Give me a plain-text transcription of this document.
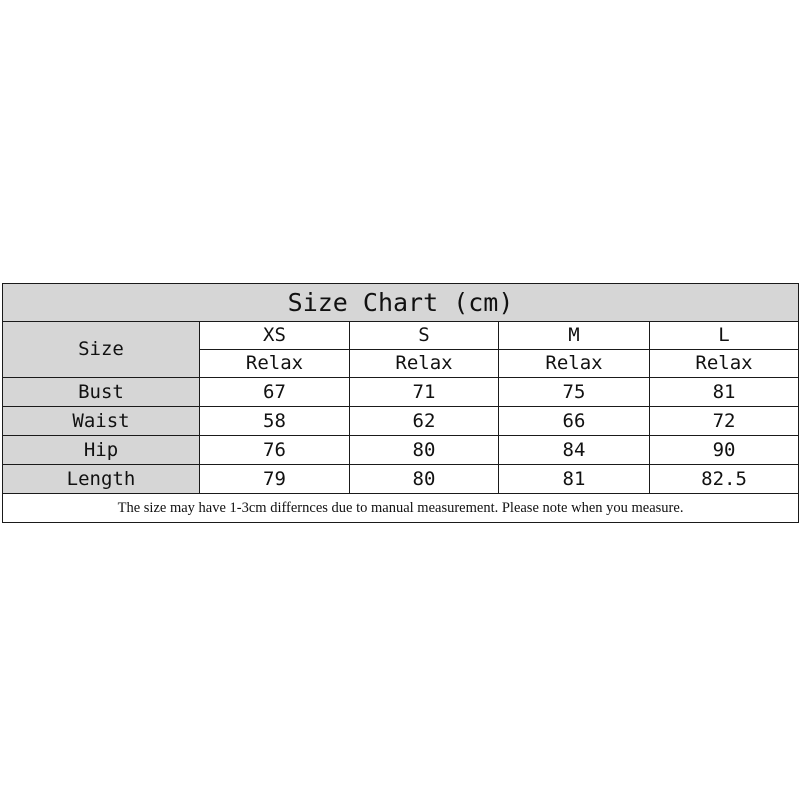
Size Chart (cm)				
Size	XS	S	M	L
	Relax	Relax	Relax	Relax
Bust	67	71	75	81
Waist	58	62	66	72
Hip	76	80	84	90
Length	79	80	81	82.5
The size may have 1-3cm differnces due to manual measurement. Please note when you measure.				
